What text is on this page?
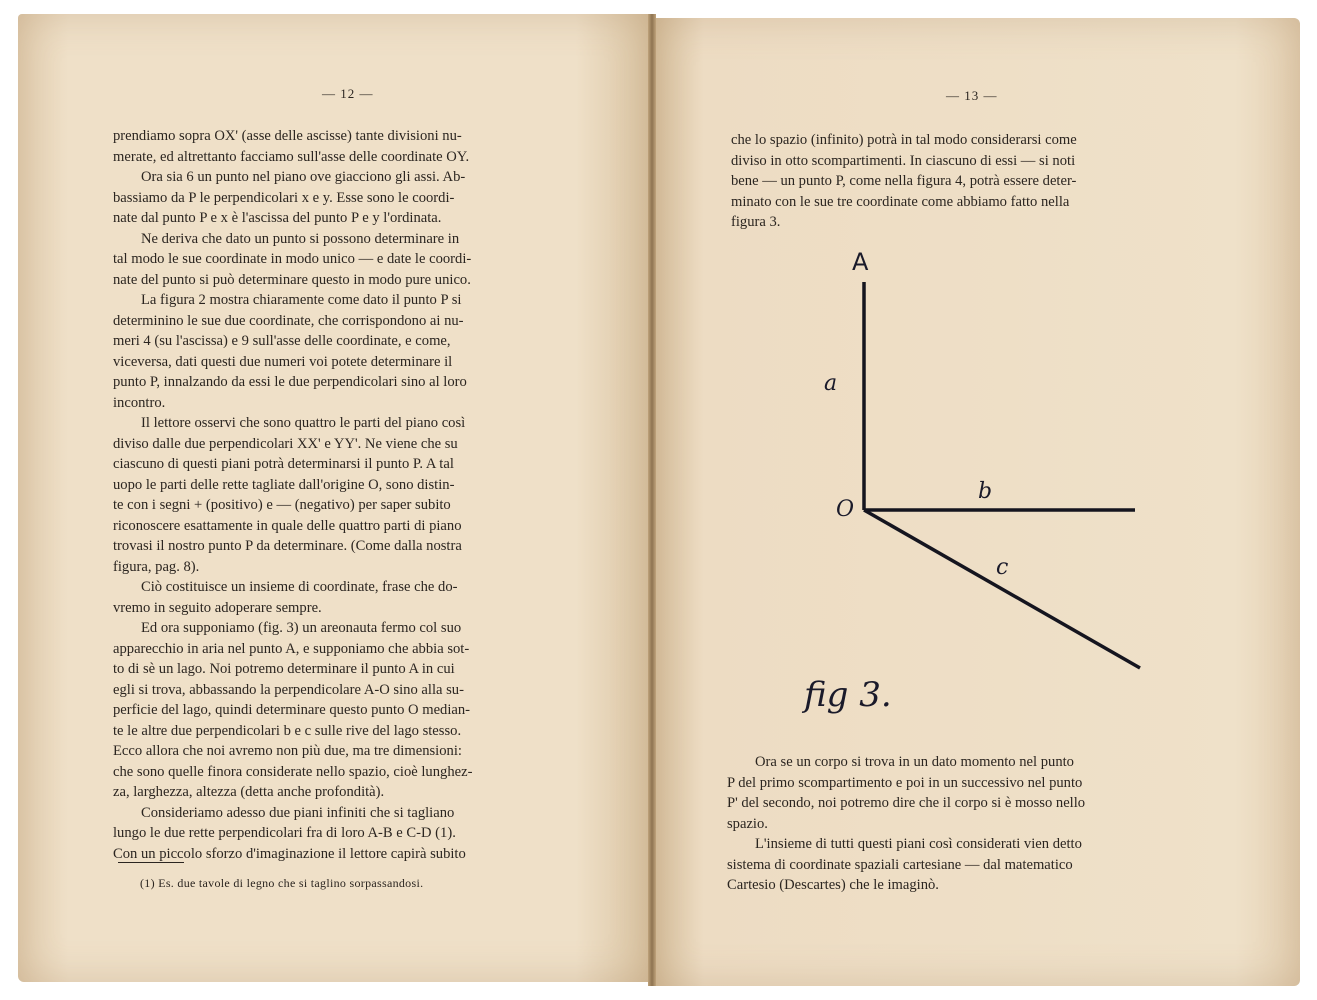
— 12 —
prendiamo sopra OX' (asse delle ascisse) tante divisioni nu-
merate, ed altrettanto facciamo sull'asse delle coordinate OY.
Ora sia 6 un punto nel piano ove giacciono gli assi. Ab-
bassiamo da P le perpendicolari x e y. Esse sono le coordi-
nate dal punto P e x è l'ascissa del punto P e y l'ordinata.
Ne deriva che dato un punto si possono determinare in
tal modo le sue coordinate in modo unico — e date le coordi-
nate del punto si può determinare questo in modo pure unico.
La figura 2 mostra chiaramente come dato il punto P si
determinino le sue due coordinate, che corrispondono ai nu-
meri 4 (su l'ascissa) e 9 sull'asse delle coordinate, e come,
viceversa, dati questi due numeri voi potete determinare il
punto P, innalzando da essi le due perpendicolari sino al loro
incontro.
Il lettore osservi che sono quattro le parti del piano così
diviso dalle due perpendicolari XX' e YY'. Ne viene che su
ciascuno di questi piani potrà determinarsi il punto P. A tal
uopo le parti delle rette tagliate dall'origine O, sono distin-
te con i segni + (positivo) e — (negativo) per saper subito
riconoscere esattamente in quale delle quattro parti di piano
trovasi il nostro punto P da determinare. (Come dalla nostra
figura, pag. 8).
Ciò costituisce un insieme di coordinate, frase che do-
vremo in seguito adoperare sempre.
Ed ora supponiamo (fig. 3) un areonauta fermo col suo
apparecchio in aria nel punto A, e supponiamo che abbia sot-
to di sè un lago. Noi potremo determinare il punto A in cui
egli si trova, abbassando la perpendicolare A-O sino alla su-
perficie del lago, quindi determinare questo punto O median-
te le altre due perpendicolari b e c sulle rive del lago stesso.
Ecco allora che noi avremo non più due, ma tre dimensioni:
che sono quelle finora considerate nello spazio, cioè lunghez-
za, larghezza, altezza (detta anche profondità).
Consideriamo adesso due piani infiniti che si tagliano
lungo le due rette perpendicolari fra di loro A-B e C-D (1).
Con un piccolo sforzo d'imaginazione il lettore capirà subito
(1) Es. due tavole di legno che si taglino sorpassandosi.
— 13 —
che lo spazio (infinito) potrà in tal modo considerarsi come
diviso in otto scompartimenti. In ciascuno di essi — si noti
bene — un punto P, come nella figura 4, potrà essere deter-
minato con le sue tre coordinate come abbiamo fatto nella
figura 3.
A
a
O
b
c
fig 3.
Ora se un corpo si trova in un dato momento nel punto
P del primo scompartimento e poi in un successivo nel punto
P' del secondo, noi potremo dire che il corpo si è mosso nello
spazio.
L'insieme di tutti questi piani così considerati vien detto
sistema di coordinate spaziali cartesiane — dal matematico
Cartesio (Descartes) che le imaginò.
